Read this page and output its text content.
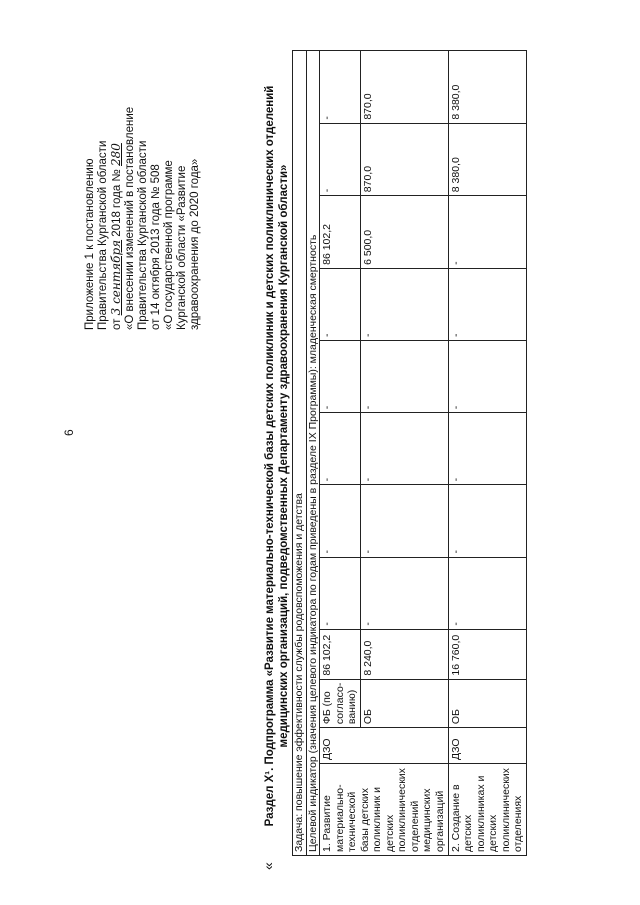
6
Приложение 1 к постановлению Правительства Курганской области от 3 сентября 2018 года № 280 «О внесении изменений в постановление Правительства Курганской области от 14 октября 2013 года № 508 «О государственной программе Курганской области «Развитие здравоохранения до 2020 года»
«
Раздел X¹. Подпрограмма «Развитие материально-технической базы детских поликлиник и детских поликлинических отделений медицинских организаций, подведомственных Департаменту здравоохранения Курганской области» Задача: повышение эффективности службы родовспоможения и детства											
Целевой индикатор (значения целевого индикатора по годам приведены в разделе IX Программы): младенческая смертность											
1. Развитие материально-технической базы детских поликлиник и детских поликлинических отделений медицинских организаций	ДЗО	ФБ (по согласо-ванию)	86 102,2	-	-	-	-	-	86 102,2	-	-
		ОБ	8 240,0	-	-	-	-	-	6 500,0	870,0	870,0
2. Создание в детских поликлиниках и детских поликлинических отделениях	ДЗО	ОБ	16 760,0	-	-	-	-	-	-	8 380,0	8 380,0
